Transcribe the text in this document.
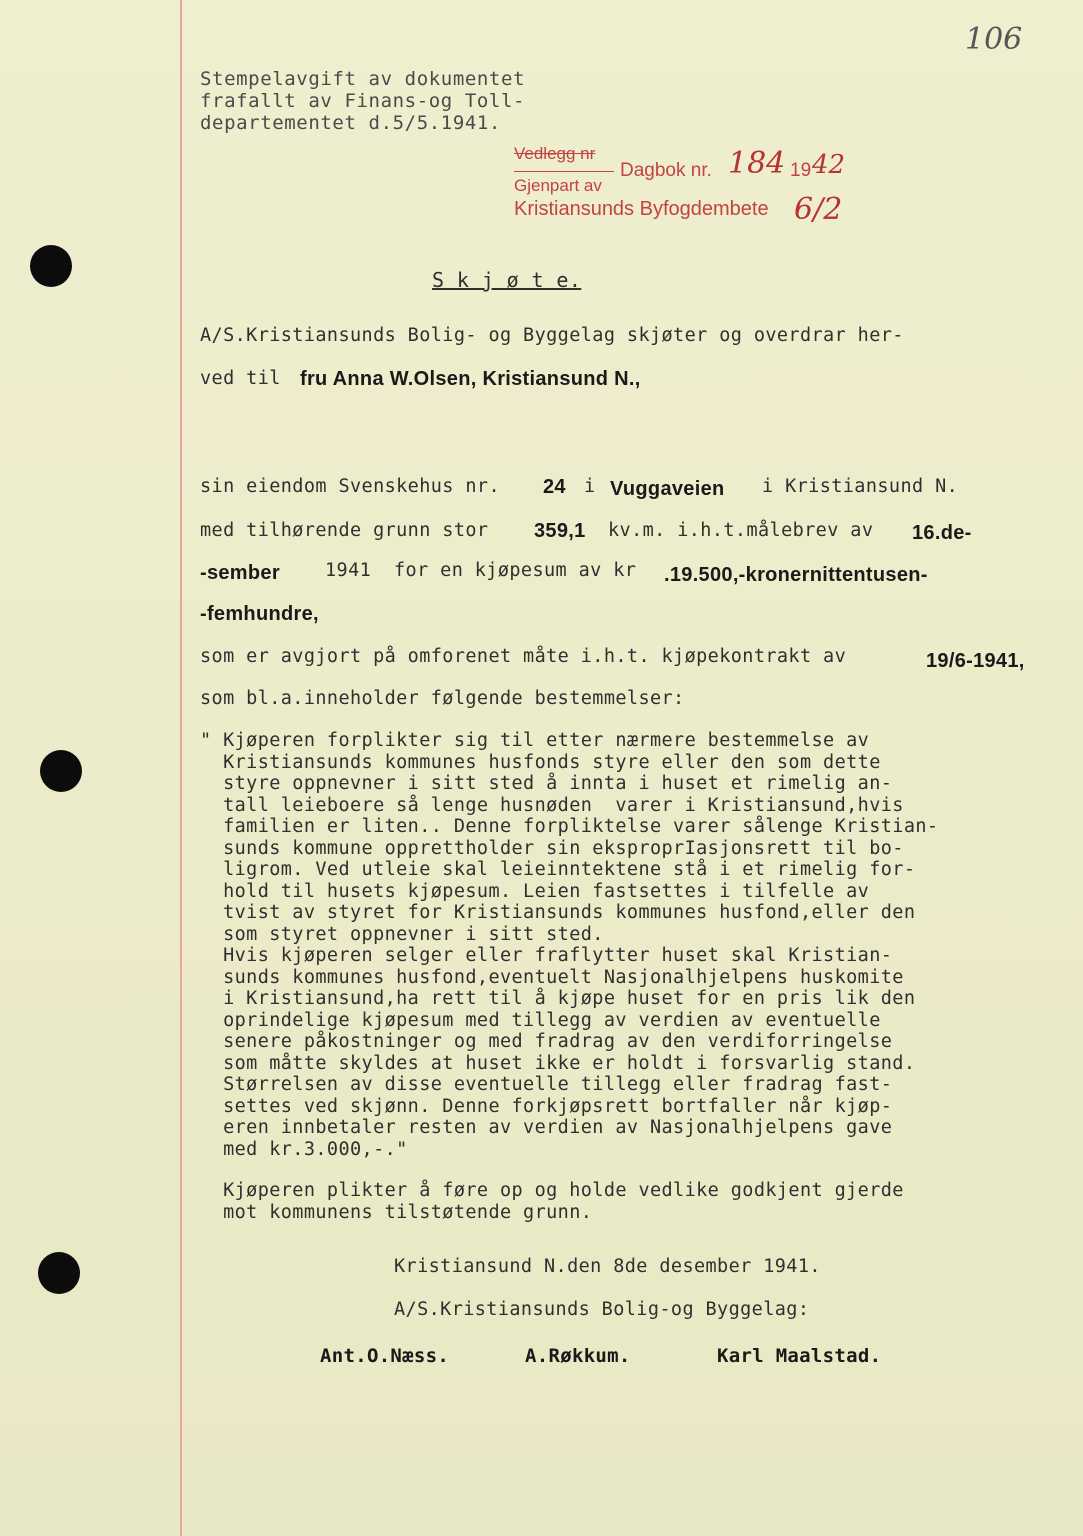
106
Stempelavgift av dokumentet
frafallt av Finans-og Toll-
departementet d.5/5.1941.
Vedlegg nr
Dagbok nr. 184 19 42
Gjenpart av
Kristiansunds Byfogdembete 6/2
S k j ø t e.
A/S.Kristiansunds Bolig- og Byggelag skjøter og overdrar her-
ved til fru Anna W.Olsen, Kristiansund N.,
sin eiendom Svenskehus nr. 24 i Vuggaveien i Kristiansund N.
med tilhørende grunn stor 359,1 kv.m. i.h.t.målebrev av 16.de-
-sember 1941 for en kjøpesum av kr .19.500,-kronernittentusen-
-femhundre,
som er avgjort på omforenet måte i.h.t. kjøpekontrakt av	19/6-1941,
som bl.a.inneholder følgende bestemmelser:
" Kjøperen forplikter sig til etter nærmere bestemmelse av
Kristiansunds kommunes husfonds styre eller den som dette
styre oppnevner i sitt sted å innta i huset et rimelig an-
tall leieboere så lenge husnøden  varer i Kristiansund,hvis
familien er liten.. Denne forpliktelse varer sålenge Kristian-
sunds kommune opprettholder sin eksproprIasjonsrett til bo-
ligrom. Ved utleie skal leieinntektene stå i et rimelig for-
hold til husets kjøpesum. Leien fastsettes i tilfelle av
tvist av styret for Kristiansunds kommunes husfond,eller den
som styret oppnevner i sitt sted.
Hvis kjøperen selger eller fraflytter huset skal Kristian-
sunds kommunes husfond,eventuelt Nasjonalhjelpens huskomite
i Kristiansund,ha rett til å kjøpe huset for en pris lik den
oprindelige kjøpesum med tillegg av verdien av eventuelle
senere påkostninger og med fradrag av den verdiforringelse
som måtte skyldes at huset ikke er holdt i forsvarlig stand.
Størrelsen av disse eventuelle tillegg eller fradrag fast-
settes ved skjønn. Denne forkjøpsrett bortfaller når kjøp-
eren innbetaler resten av verdien av Nasjonalhjelpens gave
med kr.3.000,-."
Kjøperen plikter å føre op og holde vedlike godkjent gjerde
mot kommunens tilstøtende grunn.
Kristiansund N.den 8de desember 1941.
A/S.Kristiansunds Bolig-og Byggelag:
Ant.O.Næss.	A.Røkkum.	Karl Maalstad.
